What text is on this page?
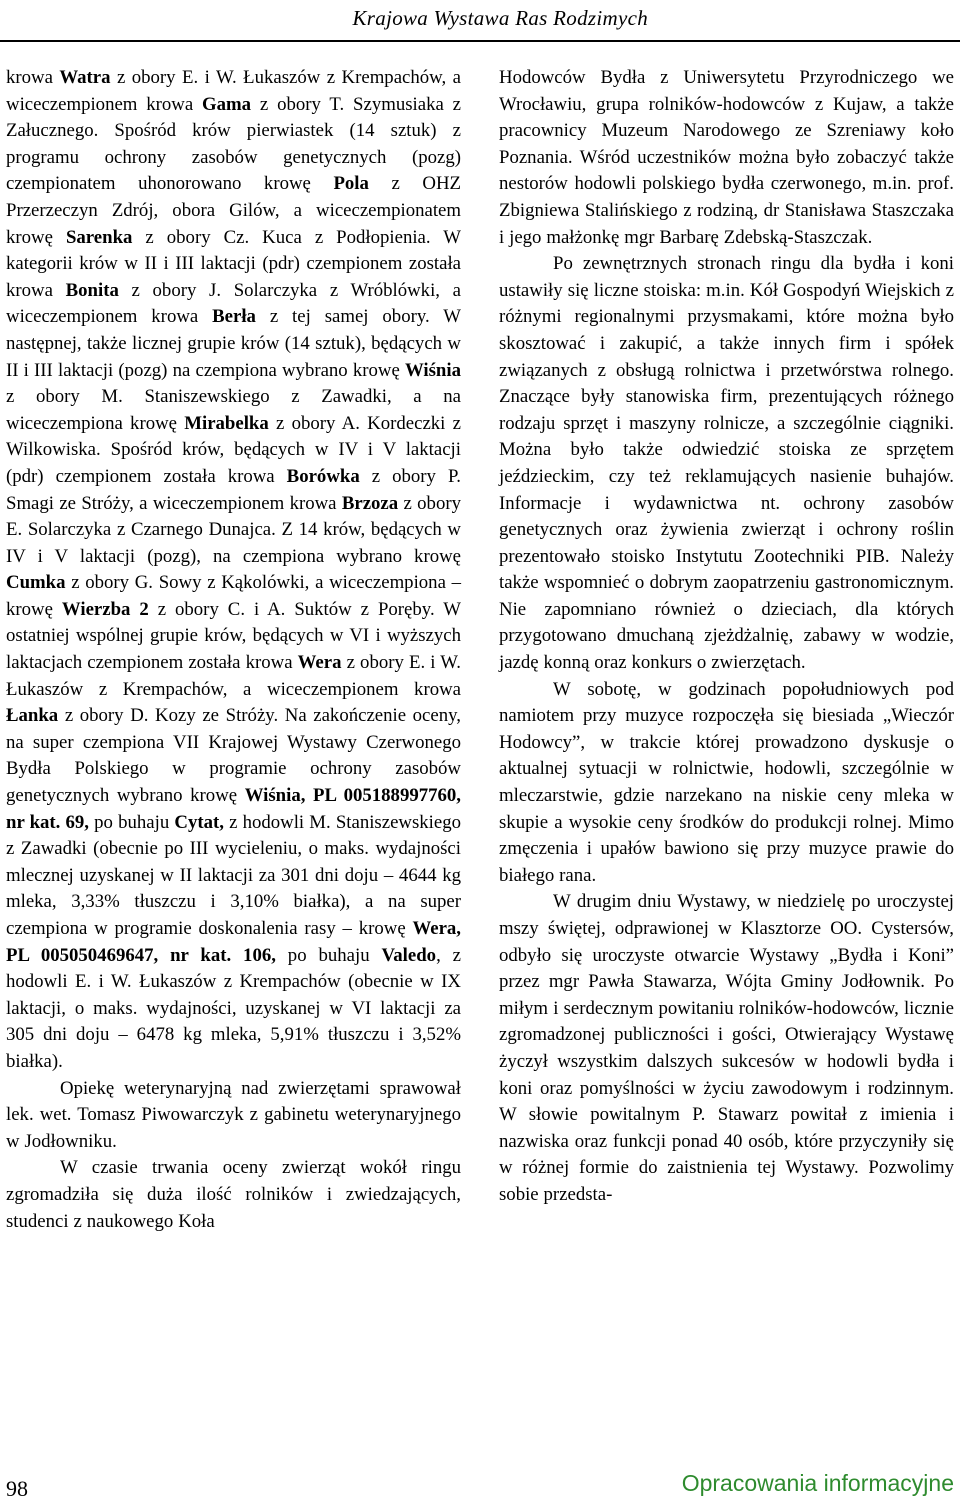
Krajowa Wystawa Ras Rodzimych

krowa Watra z obory E. i W. Łukaszów z Krempachów, a wiceczempionem krowa Gama z obory T. Szymusiaka z Załucznego. Spośród krów pierwiastek (14 sztuk) z programu ochrony zasobów genetycznych (pozg) czempionatem uhonorowano krowę Pola z OHZ Przerzeczyn Zdrój, obora Gilów, a wiceczempionatem krowę Sarenka z obory Cz. Kuca z Podłopienia. W kategorii krów w II i III laktacji (pdr) czempionem została krowa Bonita z obory J. Solarczyka z Wróblówki, a wiceczempionem krowa Berła z tej samej obory. W następnej, także licznej grupie krów (14 sztuk), będących w II i III laktacji (pozg) na czempiona wybrano krowę Wiśnia z obory M. Staniszewskiego z Zawadki, a na wiceczempiona krowę Mirabelka z obory A. Kordeczki z Wilkowiska. Spośród krów, będących w IV i V laktacji (pdr) czempionem została krowa Borówka z obory P. Smagi ze Stróży, a wiceczempionem krowa Brzoza z obory E. Solarczyka z Czarnego Dunajca. Z 14 krów, będących w IV i V laktacji (pozg), na czempiona wybrano krowę Cumka z obory G. Sowy z Kąkolówki, a wiceczempiona – krowę Wierzba 2 z obory C. i A. Suktów z Poręby. W ostatniej wspólnej grupie krów, będących w VI i wyższych laktacjach czempionem została krowa Wera z obory E. i W. Łukaszów z Krempachów, a wiceczempionem krowa Łanka z obory D. Kozy ze Stróży. Na zakończenie oceny, na super czempiona VII Krajowej Wystawy Czerwonego Bydła Polskiego w programie ochrony zasobów genetycznych wybrano krowę Wiśnia, PL 005188997760, nr kat. 69, po buhaju Cytat, z hodowli M. Staniszewskiego z Zawadki (obecnie po III wycieleniu, o maks. wydajności mlecznej uzyskanej w II laktacji za 301 dni doju – 4644 kg mleka, 3,33% tłuszczu i 3,10% białka), a na super czempiona w programie doskonalenia rasy – krowę Wera, PL 005050469647, nr kat. 106, po buhaju Valedo, z hodowli E. i W. Łukaszów z Krempachów (obecnie w IX laktacji, o maks. wydajności, uzyskanej w VI laktacji za 305 dni doju – 6478 kg mleka, 5,91% tłuszczu i 3,52% białka).

Opiekę weterynaryjną nad zwierzętami sprawował lek. wet. Tomasz Piwowarczyk z gabinetu weterynaryjnego w Jodłowniku.

W czasie trwania oceny zwierząt wokół ringu zgromadziła się duża ilość rolników i zwiedzających, studenci z naukowego Koła

Hodowców Bydła z Uniwersytetu Przyrodniczego we Wrocławiu, grupa rolników-hodowców z Kujaw, a także pracownicy Muzeum Narodowego ze Szreniawy koło Poznania. Wśród uczestników można było zobaczyć także nestorów hodowli polskiego bydła czerwonego, m.in. prof. Zbigniewa Stalińskiego z rodziną, dr Stanisława Staszczaka i jego małżonkę mgr Barbarę Zdebską-Staszczak.

Po zewnętrznych stronach ringu dla bydła i koni ustawiły się liczne stoiska: m.in. Kół Gospodyń Wiejskich z różnymi regionalnymi przysmakami, które można było skosztować i zakupić, a także innych firm i spółek związanych z obsługą rolnictwa i przetwórstwa rolnego. Znaczące były stanowiska firm, prezentujących różnego rodzaju sprzęt i maszyny rolnicze, a szczególnie ciągniki. Można było także odwiedzić stoiska ze sprzętem jeździeckim, czy też reklamujących nasienie buhajów. Informacje i wydawnictwa nt. ochrony zasobów genetycznych oraz żywienia zwierząt i ochrony roślin prezentowało stoisko Instytutu Zootechniki PIB. Należy także wspomnieć o dobrym zaopatrzeniu gastronomicznym. Nie zapomniano również o dzieciach, dla których przygotowano dmuchaną zjeżdżalnię, zabawy w wodzie, jazdę konną oraz konkurs o zwierzętach.

W sobotę, w godzinach popołudniowych pod namiotem przy muzyce rozpoczęła się biesiada „Wieczór Hodowcy”, w trakcie której prowadzono dyskusje o aktualnej sytuacji w rolnictwie, hodowli, szczególnie w mleczarstwie, gdzie narzekano na niskie ceny mleka w skupie a wysokie ceny środków do produkcji rolnej. Mimo zmęczenia i upałów bawiono się przy muzyce prawie do białego rana.

W drugim dniu Wystawy, w niedzielę po uroczystej mszy świętej, odprawionej w Klasztorze OO. Cystersów, odbyło się uroczyste otwarcie Wystawy „Bydła i Koni” przez mgr Pawła Stawarza, Wójta Gminy Jodłownik. Po miłym i serdecznym powitaniu rolników-hodowców, licznie zgromadzonej publiczności i gości, Otwierający Wystawę życzył wszystkim dalszych sukcesów w hodowli bydła i koni oraz pomyślności w życiu zawodowym i rodzinnym. W słowie powitalnym P. Stawarz powitał z imienia i nazwiska oraz funkcji ponad 40 osób, które przyczyniły się w różnej formie do zaistnienia tej Wystawy. Pozwolimy sobie przedsta-

98	Opracowania informacyjne
